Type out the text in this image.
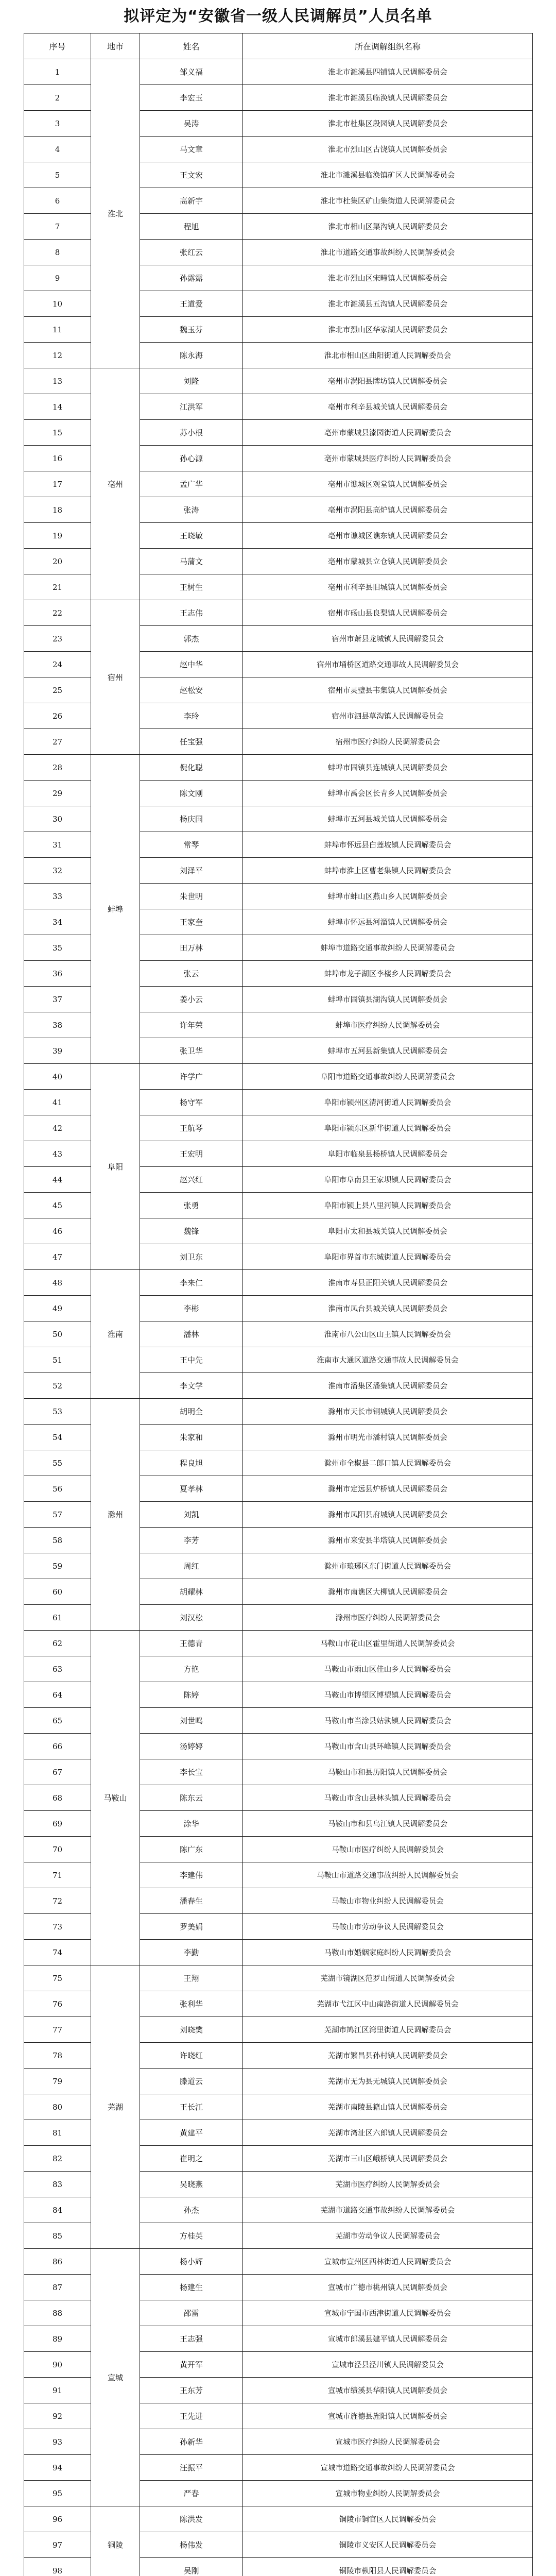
拟评定为“安徽省一级人民调解员”人员名单
序号	地市	姓名	所在调解组织名称
1	淮北	邹义福	淮北市濉溪县四铺镇人民调解委员会
2		李宏玉	淮北市濉溪县临涣镇人民调解委员会
3		吴涛	淮北市杜集区段园镇人民调解委员会
4		马文章	淮北市烈山区古饶镇人民调解委员会
5		王文宏	淮北市濉溪县临涣镇矿区人民调解委员会
6		高新宇	淮北市杜集区矿山集街道人民调解委员会
7		程旭	淮北市相山区渠沟镇人民调解委员会
8		张红云	淮北市道路交通事故纠纷人民调解委员会
9		孙露露	淮北市烈山区宋疃镇人民调解委员会
10		王道爱	淮北市濉溪县五沟镇人民调解委员会
11		魏玉芬	淮北市烈山区华家湖人民调解委员会
12		陈永海	淮北市相山区曲阳街道人民调解委员会
13	亳州	刘隆	亳州市涡阳县牌坊镇人民调解委员会
14		江洪军	亳州市利辛县城关镇人民调解委员会
15		苏小根	亳州市蒙城县漆园街道人民调解委员会
16		孙心源	亳州市蒙城县医疗纠纷人民调解委员会
17		孟广华	亳州市谯城区观堂镇人民调解委员会
18		张涛	亳州市涡阳县高炉镇人民调解委员会
19		王晓敏	亳州市谯城区谯东镇人民调解委员会
20		马蒲文	亳州市蒙城县立仓镇人民调解委员会
21		王树生	亳州市利辛县旧城镇人民调解委员会
22	宿州	王志伟	宿州市砀山县良梨镇人民调解委员会
23		郭杰	宿州市萧县龙城镇人民调解委员会
24		赵中华	宿州市埇桥区道路交通事故人民调解委员会
25		赵松安	宿州市灵璧县韦集镇人民调解委员会
26		李玲	宿州市泗县草沟镇人民调解委员会
27		任宝强	宿州市医疗纠纷人民调解委员会
28	蚌埠	倪化聪	蚌埠市固镇县连城镇人民调解委员会
29		陈文刚	蚌埠市禹会区长青乡人民调解委员会
30		杨庆国	蚌埠市五河县城关镇人民调解委员会
31		常琴	蚌埠市怀远县白莲坡镇人民调解委员会
32		刘泽平	蚌埠市淮上区曹老集镇人民调解委员会
33		朱世明	蚌埠市蚌山区燕山乡人民调解委员会
34		王家奎	蚌埠市怀远县河溜镇人民调解委员会
35		田万林	蚌埠市道路交通事故纠纷人民调解委员会
36		张云	蚌埠市龙子湖区李楼乡人民调解委员会
37		姜小云	蚌埠市固镇县湖沟镇人民调解委员会
38		许年荣	蚌埠市医疗纠纷人民调解委员会
39		张卫华	蚌埠市五河县新集镇人民调解委员会
40	阜阳	许学广	阜阳市道路交通事故纠纷人民调解委员会
41		杨守军	阜阳市颍州区清河街道人民调解委员会
42		王航琴	阜阳市颍东区新华街道人民调解委员会
43		王宏明	阜阳市临泉县杨桥镇人民调解委员会
44		赵兴红	阜阳市阜南县王家坝镇人民调解委员会
45		张勇	阜阳市颍上县八里河镇人民调解委员会
46		魏锋	阜阳市太和县城关镇人民调解委员会
47		刘卫东	阜阳市界首市东城街道人民调解委员会
48	淮南	李来仁	淮南市寿县正阳关镇人民调解委员会
49		李彬	淮南市凤台县城关镇人民调解委员会
50		潘林	淮南市八公山区山王镇人民调解委员会
51		王中先	淮南市大通区道路交通事故人民调解委员会
52		李文学	淮南市潘集区潘集镇人民调解委员会
53	滁州	胡明全	滁州市天长市铜城镇人民调解委员会
54		朱家和	滁州市明光市潘村镇人民调解委员会
55		程良旭	滁州市全椒县二郎口镇人民调解委员会
56		夏孝林	滁州市定远县炉桥镇人民调解委员会
57		刘凯	滁州市凤阳县府城镇人民调解委员会
58		李芳	滁州市来安县半塔镇人民调解委员会
59		周红	滁州市琅琊区东门街道人民调解委员会
60		胡耀林	滁州市南谯区大柳镇人民调解委员会
61		刘汉松	滁州市医疗纠纷人民调解委员会
62	马鞍山	王德青	马鞍山市花山区霍里街道人民调解委员会
63		方艳	马鞍山市雨山区佳山乡人民调解委员会
64		陈婷	马鞍山市博望区博望镇人民调解委员会
65		刘世鸣	马鞍山市当涂县姑孰镇人民调解委员会
66		汤婷婷	马鞍山市含山县环峰镇人民调解委员会
67		李长宝	马鞍山市和县历阳镇人民调解委员会
68		陈东云	马鞍山市含山县林头镇人民调解委员会
69		涂华	马鞍山市和县乌江镇人民调解委员会
70		陈广东	马鞍山市医疗纠纷人民调解委员会
71		李建伟	马鞍山市道路交通事故纠纷人民调解委员会
72		潘春生	马鞍山市物业纠纷人民调解委员会
73		罗美娟	马鞍山市劳动争议人民调解委员会
74		李勤	马鞍山市婚姻家庭纠纷人民调解委员会
75	芜湖	王翔	芜湖市镜湖区范罗山街道人民调解委员会
76		张利华	芜湖市弋江区中山南路街道人民调解委员会
77		刘晓樊	芜湖市鸠江区湾里街道人民调解委员会
78		许晓红	芜湖市繁昌县孙村镇人民调解委员会
79		滕道云	芜湖市无为县无城镇人民调解委员会
80		王长江	芜湖市南陵县籍山镇人民调解委员会
81		黄建平	芜湖市湾沚区六郎镇人民调解委员会
82		崔明之	芜湖市三山区峨桥镇人民调解委员会
83		吴晓燕	芜湖市医疗纠纷人民调解委员会
84		孙杰	芜湖市道路交通事故纠纷人民调解委员会
85		方桂英	芜湖市劳动争议人民调解委员会
86	宣城	杨小辉	宣城市宣州区西林街道人民调解委员会
87		杨建生	宣城市广德市桃州镇人民调解委员会
88		邵雷	宣城市宁国市西津街道人民调解委员会
89		王志强	宣城市郎溪县建平镇人民调解委员会
90		黄开军	宣城市泾县泾川镇人民调解委员会
91		王东芳	宣城市绩溪县华阳镇人民调解委员会
92		王先进	宣城市旌德县旌阳镇人民调解委员会
93		孙新华	宣城市医疗纠纷人民调解委员会
94		汪振平	宣城市道路交通事故纠纷人民调解委员会
95		严春	宣城市物业纠纷人民调解委员会
96	铜陵	陈洪发	铜陵市铜官区人民调解委员会
97		杨伟发	铜陵市义安区人民调解委员会
98		吴刚	铜陵市枞阳县人民调解委员会
